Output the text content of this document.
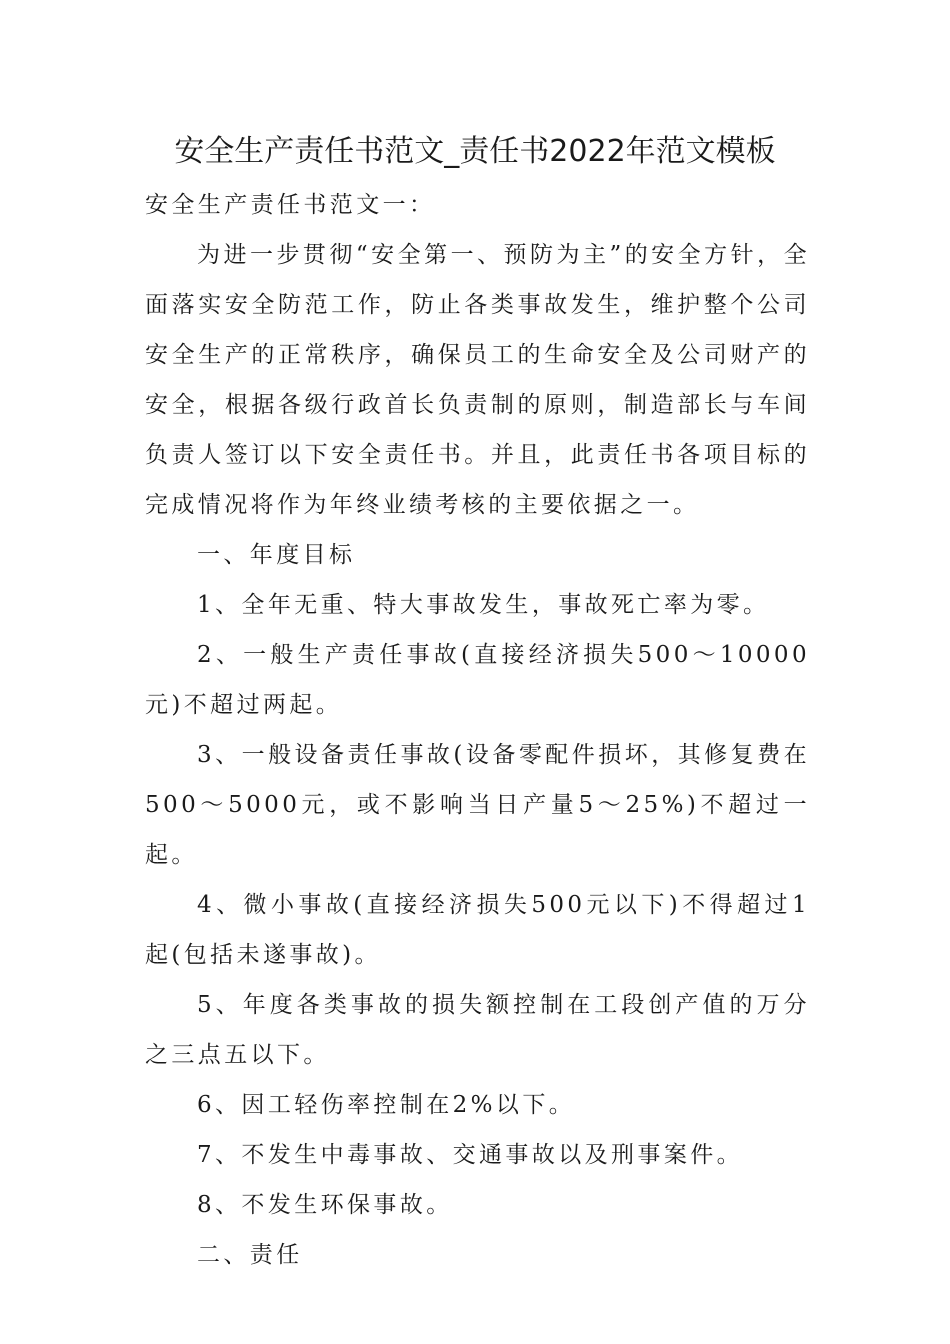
安全生产责任书范文_责任书2022年范文模板

安全生产责任书范文一：

为进一步贯彻“安全第一、预防为主”的安全方针，全面落实安全防范工作，防止各类事故发生，维护整个公司安全生产的正常秩序，确保员工的生命安全及公司财产的安全，根据各级行政首长负责制的原则，制造部长与车间负责人签订以下安全责任书。并且，此责任书各项目标的完成情况将作为年终业绩考核的主要依据之一。

一、年度目标

1、全年无重、特大事故发生，事故死亡率为零。

2、一般生产责任事故(直接经济损失500～10000元)不超过两起。

3、一般设备责任事故(设备零配件损坏，其修复费在500～5000元，或不影响当日产量5～25%)不超过一起。

4、微小事故(直接经济损失500元以下)不得超过1起(包括未遂事故)。

5、年度各类事故的损失额控制在工段创产值的万分之三点五以下。

6、因工轻伤率控制在2%以下。

7、不发生中毒事故、交通事故以及刑事案件。

8、不发生环保事故。

二、责任
